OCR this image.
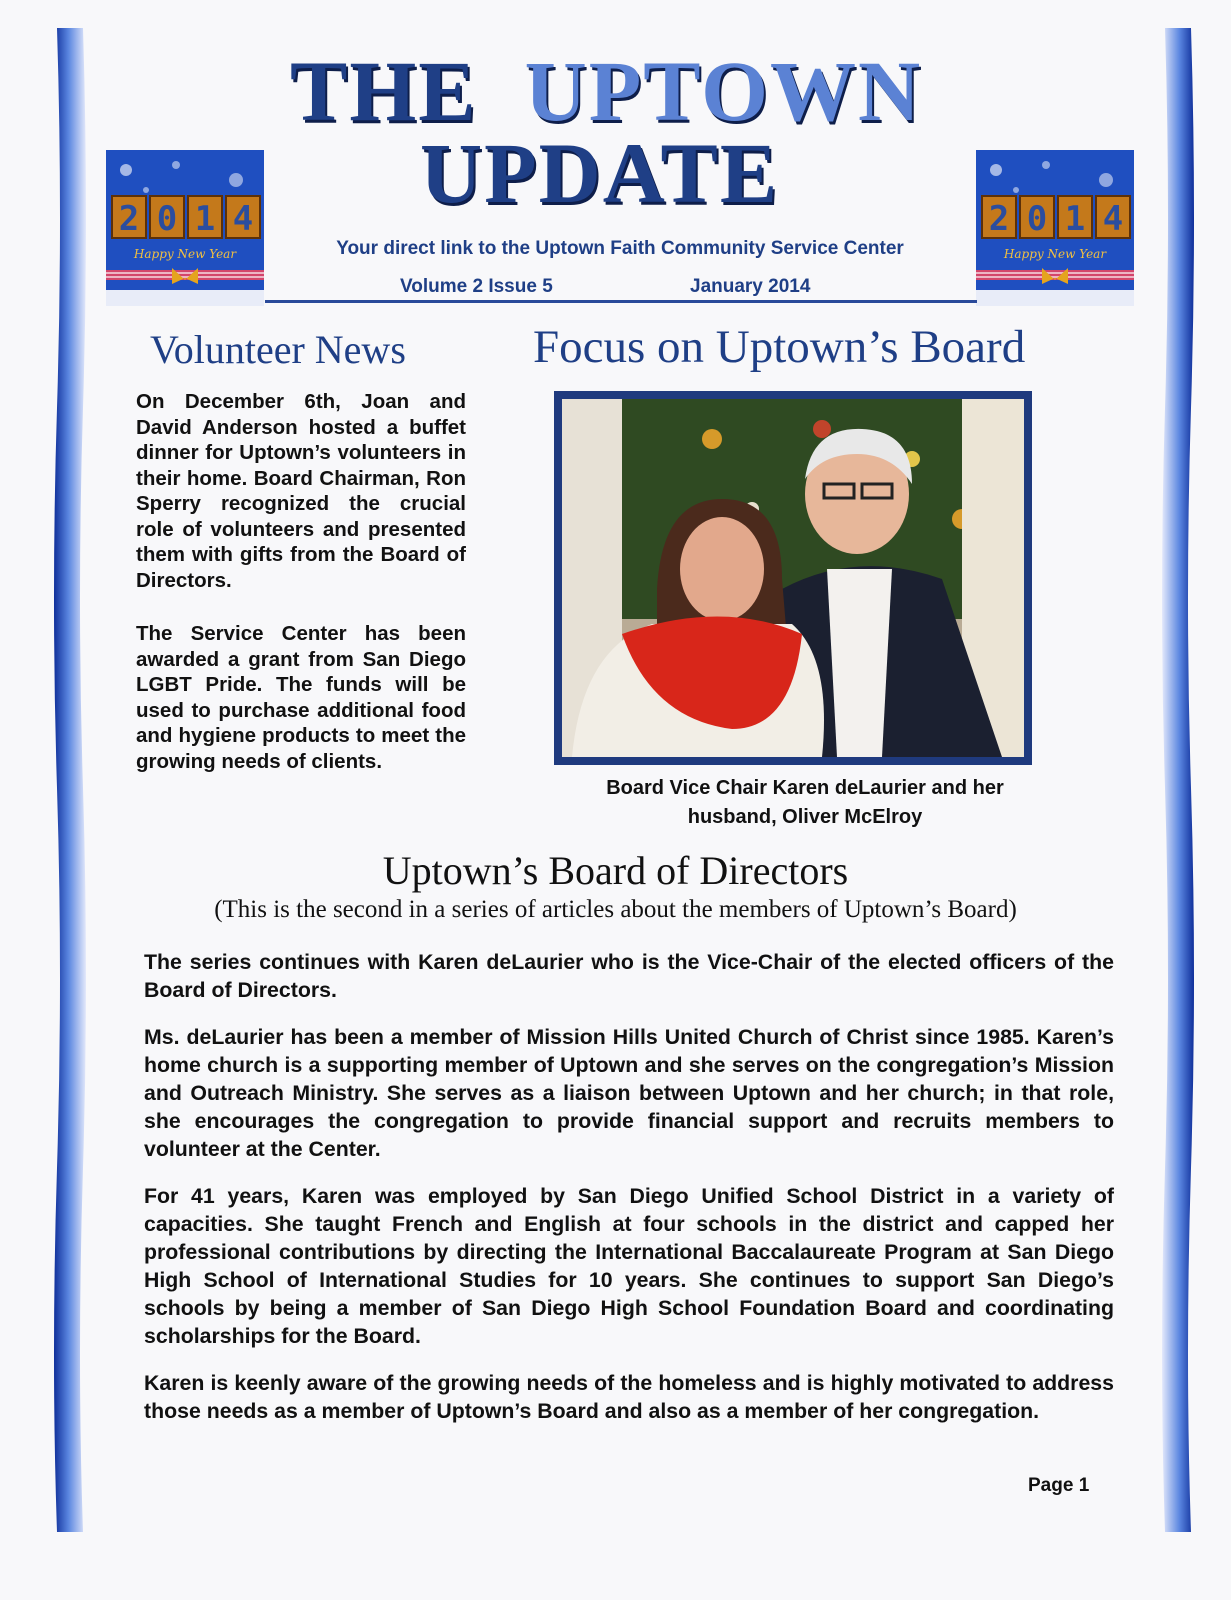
THE UPTOWN
UPDATE
2 0 1 4
Happy New Year
2 0 1 4
Happy New Year
Your direct link to the Uptown Faith Community Service Center
Volume 2 Issue 5	January 2014
Volunteer News

On December 6th, Joan and David Anderson hosted a buffet dinner for Uptown’s volunteers in their home. Board Chairman, Ron Sperry recognized the crucial role of volunteers and presented them with gifts from the Board of Directors.

The Service Center has been awarded a grant from San Diego LGBT Pride. The funds will be used to purchase additional food and hygiene products to meet the growing needs of clients.

Focus on Uptown’s Board
Board Vice Chair Karen deLaurier and her
husband, Oliver McElroy
Uptown’s Board of Directors
(This is the second in a series of articles about the members of Uptown’s Board)

The series continues with Karen deLaurier who is the Vice-Chair of the elected officers of the Board of Directors.

Ms. deLaurier has been a member of Mission Hills United Church of Christ since 1985. Karen’s home church is a supporting member of Uptown and she serves on the congregation’s Mission and Outreach Ministry. She serves as a liaison between Uptown and her church; in that role, she encourages the congregation to provide financial support and recruits members to volunteer at the Center.

For 41 years, Karen was employed by San Diego Unified School District in a variety of capacities. She taught French and English at four schools in the district and capped her professional contributions by directing the International Baccalaureate Program at San Diego High School of International Studies for 10 years. She continues to support San Diego’s schools by being a member of San Diego High School Foundation Board and coordinating scholarships for the Board.

Karen is keenly aware of the growing needs of the homeless and is highly motivated to address those needs as a member of Uptown’s Board and also as a member of her congregation.

Page 1
